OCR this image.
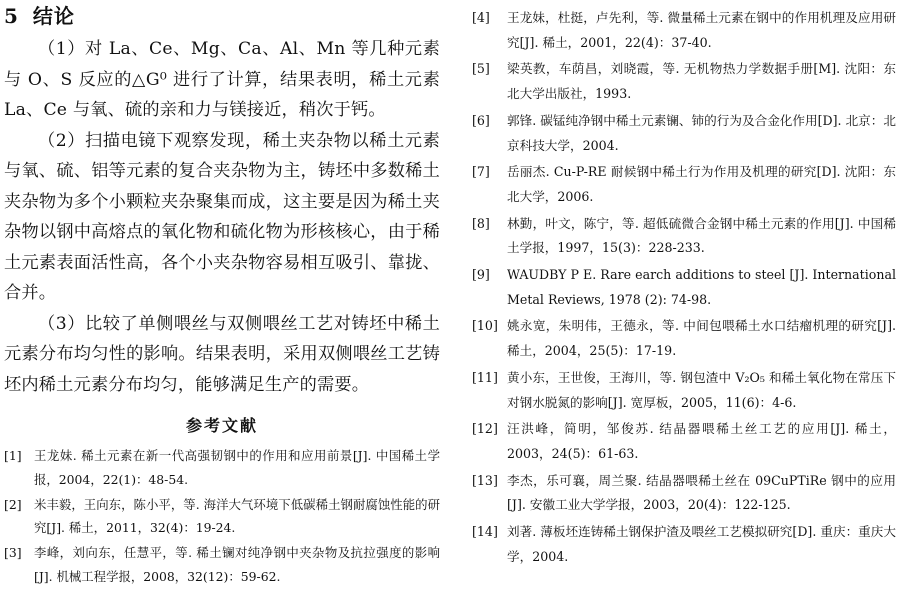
5 结论

（1）对 La、Ce、Mg、Ca、Al、Mn 等几种元素与 O、S 反应的△G⁰ 进行了计算，结果表明，稀土元素 La、Ce 与氧、硫的亲和力与镁接近，稍次于钙。

（2）扫描电镜下观察发现，稀土夹杂物以稀土元素与氧、硫、铝等元素的复合夹杂物为主，铸坯中多数稀土夹杂物为多个小颗粒夹杂聚集而成，这主要是因为稀土夹杂物以钢中高熔点的氧化物和硫化物为形核核心，由于稀土元素表面活性高，各个小夹杂物容易相互吸引、靠拢、合并。

（3）比较了单侧喂丝与双侧喂丝工艺对铸坯中稀土元素分布均匀性的影响。结果表明，采用双侧喂丝工艺铸坯内稀土元素分布均匀，能够满足生产的需要。

参考文献
[1] 王龙妹. 稀土元素在新一代高强韧钢中的作用和应用前景[J]. 中国稀土学报，2004，22(1)：48-54.
[2] 米丰毅，王向东，陈小平，等. 海洋大气环境下低碳稀土钢耐腐蚀性能的研究[J]. 稀土，2011，32(4)：19-24.
[3] 李峰，刘向东，任慧平，等. 稀土镧对纯净钢中夹杂物及抗拉强度的影响[J]. 机械工程学报，2008，32(12)：59-62.
[4] 王龙妹，杜挺，卢先利，等. 微量稀土元素在钢中的作用机理及应用研究[J]. 稀土，2001，22(4)：37-40.
[5] 梁英教，车荫昌，刘晓霞，等. 无机物热力学数据手册[M]. 沈阳：东北大学出版社，1993.
[6] 郭锋. 碳锰纯净钢中稀土元素镧、铈的行为及合金化作用[D]. 北京：北京科技大学，2004.
[7] 岳丽杰. Cu-P-RE 耐候钢中稀土行为作用及机理的研究[D]. 沈阳：东北大学，2006.
[8] 林勤，叶文，陈宁，等. 超低硫微合金钢中稀土元素的作用[J]. 中国稀土学报，1997，15(3)：228-233.
[9] WAUDBY P E. Rare earch additions to steel [J]. International Metal Reviews, 1978 (2): 74-98.
[10] 姚永宽，朱明伟，王德永，等. 中间包喂稀土水口结瘤机理的研究[J]. 稀土，2004，25(5)：17-19.
[11] 黄小东，王世俊，王海川，等. 钢包渣中 V₂O₅ 和稀土氧化物在常压下对钢水脱氮的影响[J]. 宽厚板，2005，11(6)：4-6.
[12] 汪洪峰，简明，邹俊苏. 结晶器喂稀土丝工艺的应用[J]. 稀土，2003，24(5)：61-63.
[13] 李杰，乐可襄，周兰聚. 结晶器喂稀土丝在 09CuPTiRe 钢中的应用[J]. 安徽工业大学学报，2003，20(4)：122-125.
[14] 刘著. 薄板坯连铸稀土钢保护渣及喂丝工艺模拟研究[D]. 重庆：重庆大学，2004.
